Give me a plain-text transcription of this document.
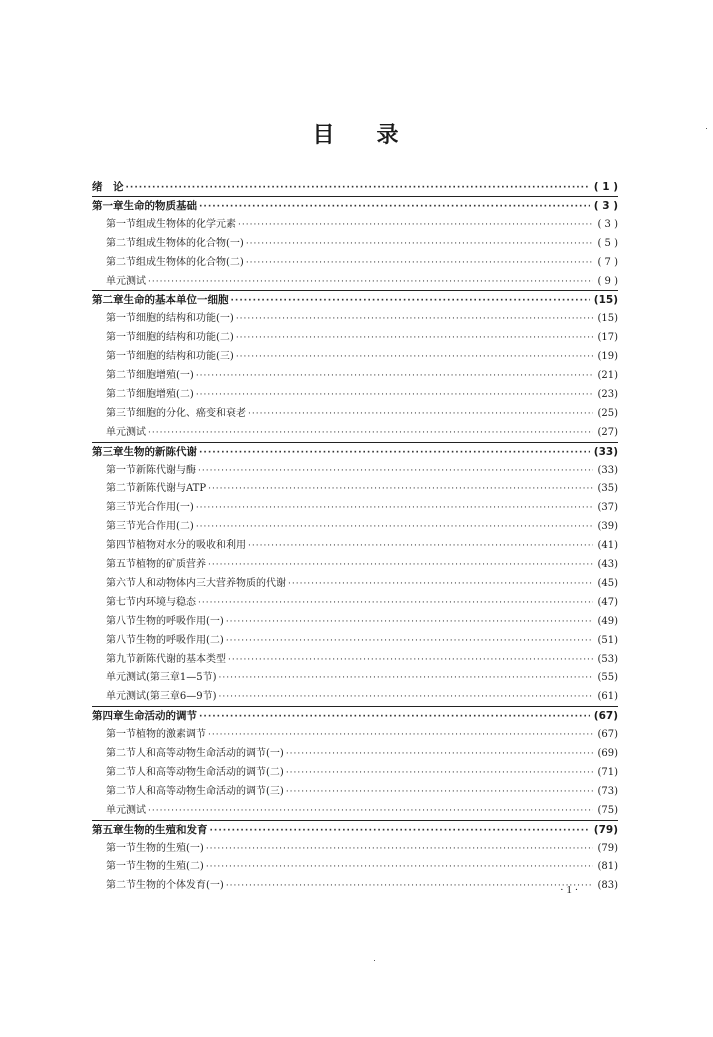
目 录
绪　论 ·····	( 1 )
第一章 生命的物质基础 ·····	( 3 )
第一节 组成生物体的化学元素 ·····	( 3 )
第二节 组成生物体的化合物(一) ·····	( 5 )
第二节 组成生物体的化合物(二) ·····	( 7 )
单元测试 ·····	( 9 )
第二章 生命的基本单位一细胞 ·····	(15)
第一节 细胞的结构和功能(一) ·····	(15)
第一节 细胞的结构和功能(二) ·····	(17)
第一节 细胞的结构和功能(三) ·····	(19)
第二节 细胞增殖(一) ·····	(21)
第二节 细胞增殖(二) ·····	(23)
第三节 细胞的分化、癌变和衰老 ·····	(25)
单元测试 ·····	(27)
第三章 生物的新陈代谢 ·····	(33)
第一节 新陈代谢与酶 ·····	(33)
第二节 新陈代谢与ATP ·····	(35)
第三节 光合作用(一) ·····	(37)
第三节 光合作用(二) ·····	(39)
第四节 植物对水分的吸收和利用 ·····	(41)
第五节 植物的矿质营养 ·····	(43)
第六节 人和动物体内三大营养物质的代谢 ·····	(45)
第七节 内环境与稳态 ·····	(47)
第八节 生物的呼吸作用(一) ·····	(49)
第八节 生物的呼吸作用(二) ·····	(51)
第九节 新陈代谢的基本类型 ·····	(53)
单元测试(第三章1—5节) ·····	(55)
单元测试(第三章6—9节) ·····	(61)
第四章 生命活动的调节 ·····	(67)
第一节 植物的激素调节 ·····	(67)
第二节 人和高等动物生命活动的调节(一) ·····	(69)
第二节 人和高等动物生命活动的调节(二) ·····	(71)
第二节 人和高等动物生命活动的调节(三) ·····	(73)
单元测试 ·····	(75)
第五章 生物的生殖和发育 ·····	(79)
第一节 生物的生殖(一) ·····	(79)
第一节 生物的生殖(二) ·····	(81)
第二节 生物的个体发育(一) ·····	(83)
· 1 ·
